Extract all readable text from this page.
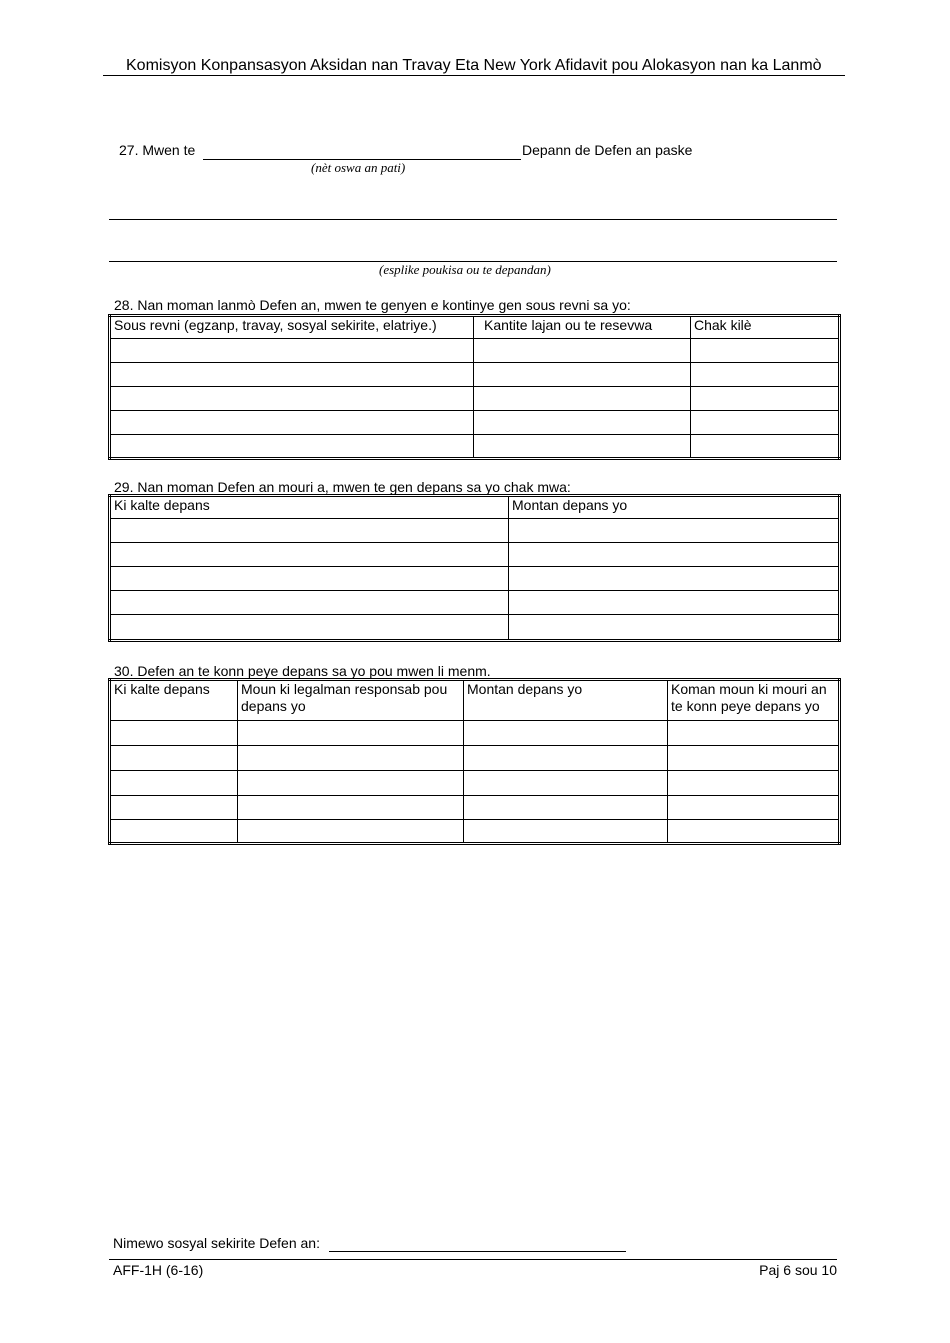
Komisyon Konpansasyon Aksidan nan Travay Eta New York Afidavit pou Alokasyon nan ka Lanmò
27. Mwen te	Depann de Defen an paske
(nèt oswa an pati)
(esplike poukisa ou te depandan)
28. Nan moman lanmò Defen an, mwen te genyen e kontinye gen sous revni sa yo:
Sous revni (egzanp, travay, sosyal sekirite, elatriye.)	Kantite lajan ou te resevwa	Chak kilè

29. Nan moman Defen an mouri a, mwen te gen depans sa yo chak mwa:
Ki kalte depans	Montan depans yo

30. Defen an te konn peye depans sa yo pou mwen li menm.
Ki kalte depans	Moun ki legalman responsab pou depans yo	Montan depans yo	Koman moun ki mouri an te konn peye depans yo

Nimewo sosyal sekirite Defen an:
AFF-1H (6-16)	Paj 6 sou 10
